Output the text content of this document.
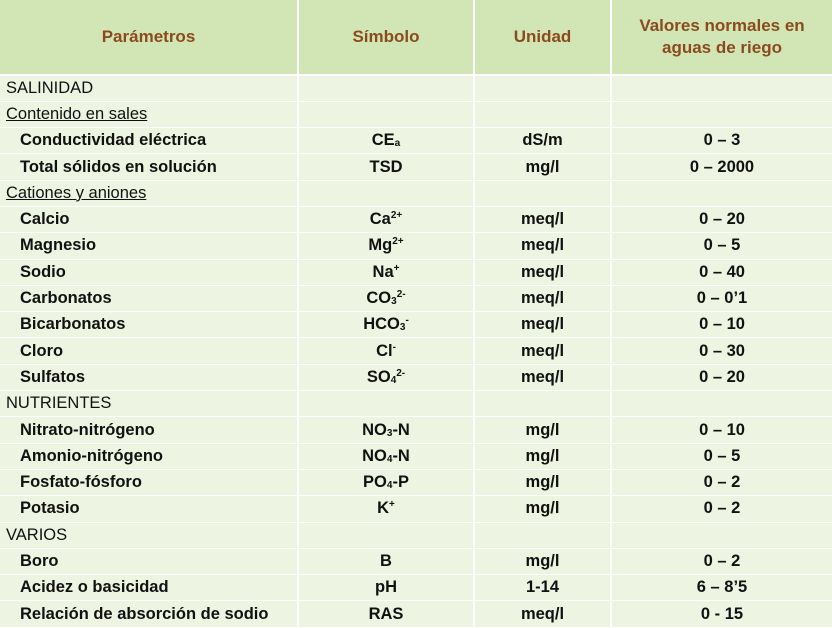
Parámetros	Símbolo	Unidad	Valores normales en aguas de riego
SALINIDAD			
Contenido en sales			
Conductividad eléctrica	$CE_a$	dS/m	0 – 3
Total sólidos en solución	TSD	mg/l	0 – 2000
Cationes y aniones			
Calcio	$Ca^{2+}$	meq/l	0 – 20
Magnesio	$Mg^{2+}$	meq/l	0 – 5
Sodio	Na+	meq/l	0 – 40
Carbonatos	$CO_3^{2-}$	meq/l	0 – 0’1
Bicarbonatos	$HCO_3^-$	meq/l	0 – 10
Cloro	Cl-	meq/l	0 – 30
Sulfatos	$SO_4^{2-}$	meq/l	0 – 20
NUTRIENTES			
Nitrato-nitrógeno	$NO_3-N$	mg/l	0 – 10
Amonio-nitrógeno	$NO_4-N$	mg/l	0 – 5
Fosfato-fósforo	$PO_4-P$	mg/l	0 – 2
Potasio	K+	mg/l	0 – 2
VARIOS			
Boro	B	mg/l	0 – 2
Acidez o basicidad	pH	1-14	6 – 8’5
Relación de absorción de sodio	RAS	meq/l	0 - 15
